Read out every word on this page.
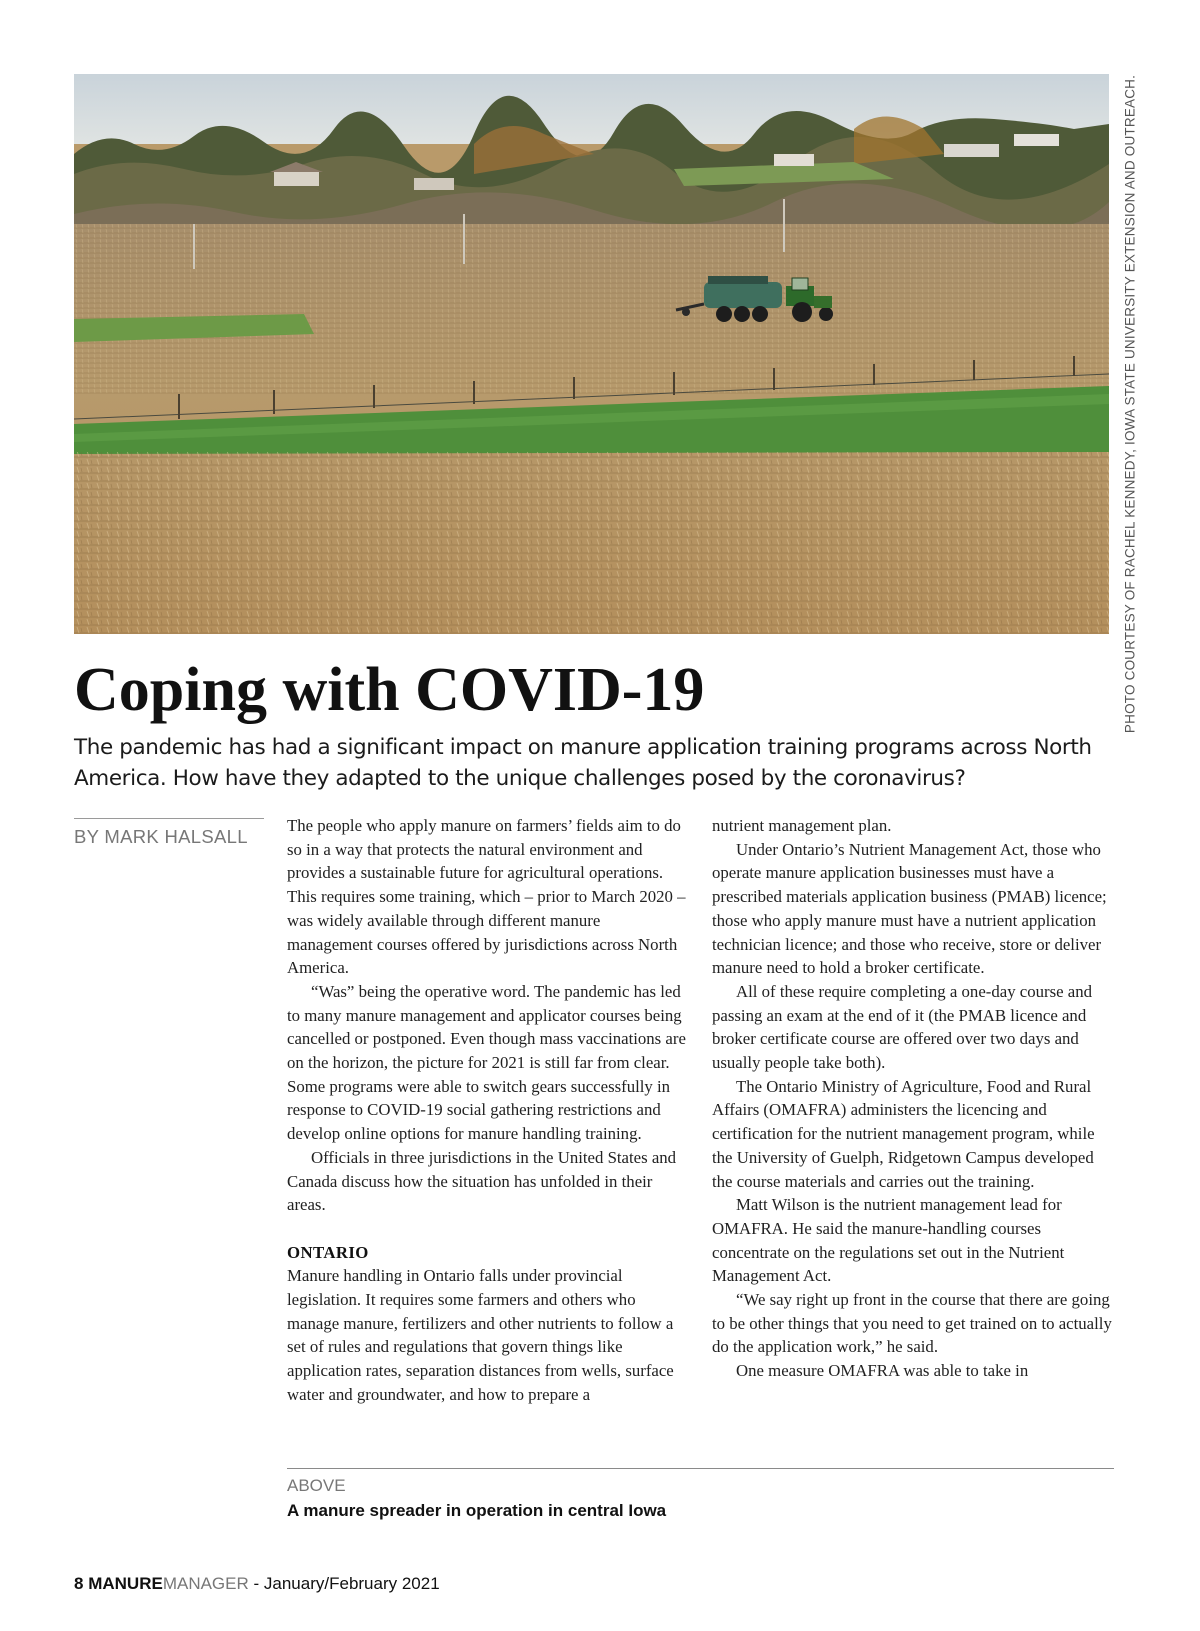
PHOTO COURTESY OF RACHEL KENNEDY, IOWA STATE UNIVERSITY EXTENSION AND OUTREACH.
Coping with COVID-19

The pandemic has had a significant impact on manure application training programs across North America. How have they adapted to the unique challenges posed by the coronavirus?

BY MARK HALSALL

The people who apply manure on farmers’ fields aim to do so in a way that protects the natural environment and provides a sustainable future for agricultural operations. This requires some training, which – prior to March 2020 – was widely available through different manure management courses offered by jurisdictions across North America.

“Was” being the operative word. The pandemic has led to many manure management and applicator courses being cancelled or postponed. Even though mass vaccinations are on the horizon, the picture for 2021 is still far from clear. Some programs were able to switch gears successfully in response to COVID-19 social gathering restrictions and develop online options for manure handling training.

Officials in three jurisdictions in the United States and Canada discuss how the situation has unfolded in their areas.

ONTARIO

Manure handling in Ontario falls under provincial legislation. It requires some farmers and others who manage manure, fertilizers and other nutrients to follow a set of rules and regulations that govern things like application rates, separation distances from wells, surface water and groundwater, and how to prepare a

nutrient management plan.

Under Ontario’s Nutrient Management Act, those who operate manure application businesses must have a prescribed materials application business (PMAB) licence; those who apply manure must have a nutrient application technician licence; and those who receive, store or deliver manure need to hold a broker certificate.

All of these require completing a one-day course and passing an exam at the end of it (the PMAB licence and broker certificate course are offered over two days and usually people take both).

The Ontario Ministry of Agriculture, Food and Rural Affairs (OMAFRA) administers the licencing and certification for the nutrient management program, while the University of Guelph, Ridgetown Campus developed the course materials and carries out the training.

Matt Wilson is the nutrient management lead for OMAFRA. He said the manure-handling courses concentrate on the regulations set out in the Nutrient Management Act.

“We say right up front in the course that there are going to be other things that you need to get trained on to actually do the application work,” he said.

One measure OMAFRA was able to take in

ABOVE
A manure spreader in operation in central Iowa
8 MANUREMANAGER - January/February 2021
